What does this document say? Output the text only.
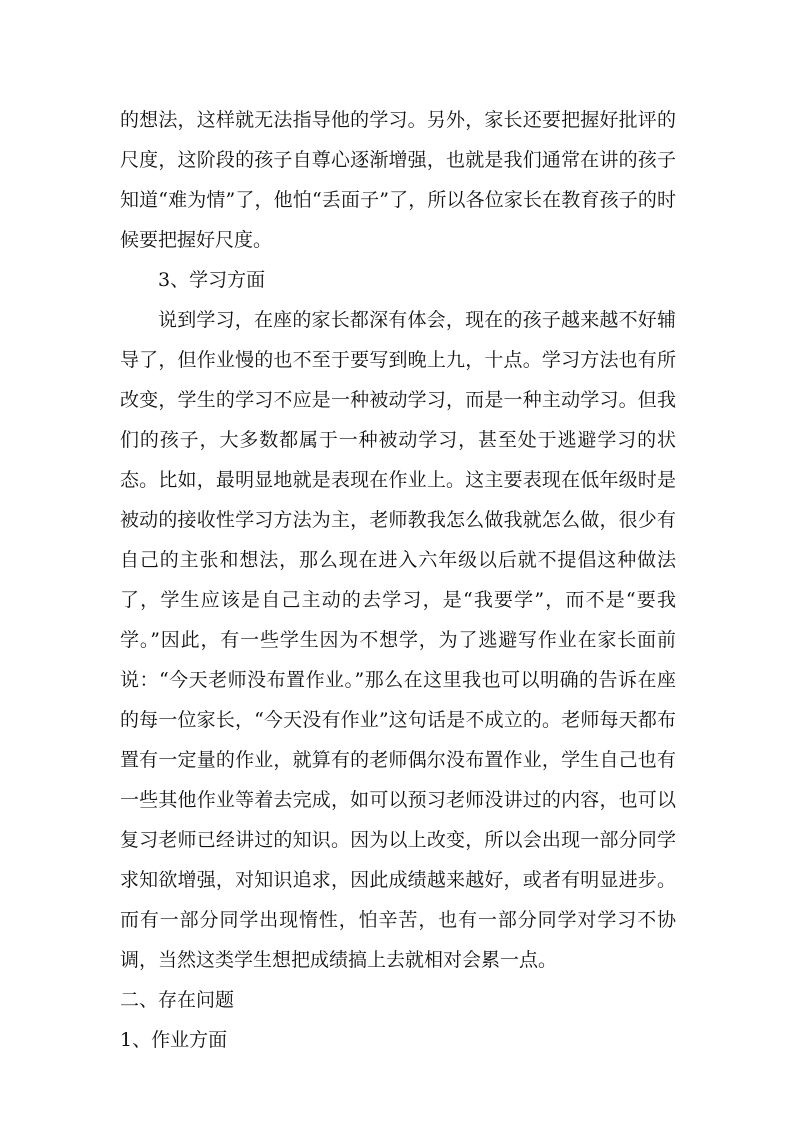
的想法，这样就无法指导他的学习。另外，家长还要把握好批评的尺度，这阶段的孩子自尊心逐渐增强，也就是我们通常在讲的孩子知道“难为情”了，他怕“丢面子”了，所以各位家长在教育孩子的时候要把握好尺度。

3、学习方面

说到学习，在座的家长都深有体会，现在的孩子越来越不好辅导了，但作业慢的也不至于要写到晚上九，十点。学习方法也有所改变，学生的学习不应是一种被动学习，而是一种主动学习。但我们的孩子，大多数都属于一种被动学习，甚至处于逃避学习的状态。比如，最明显地就是表现在作业上。这主要表现在低年级时是被动的接收性学习方法为主，老师教我怎么做我就怎么做，很少有自己的主张和想法，那么现在进入六年级以后就不提倡这种做法了，学生应该是自己主动的去学习，是“我要学”，而不是“要我学。”因此，有一些学生因为不想学，为了逃避写作业在家长面前说：“今天老师没布置作业。”那么在这里我也可以明确的告诉在座的每一位家长，“今天没有作业”这句话是不成立的。老师每天都布置有一定量的作业，就算有的老师偶尔没布置作业，学生自己也有一些其他作业等着去完成，如可以预习老师没讲过的内容，也可以复习老师已经讲过的知识。因为以上改变，所以会出现一部分同学求知欲增强，对知识追求，因此成绩越来越好，或者有明显进步。而有一部分同学出现惰性，怕辛苦，也有一部分同学对学习不协调，当然这类学生想把成绩搞上去就相对会累一点。

二、存在问题

1、作业方面
